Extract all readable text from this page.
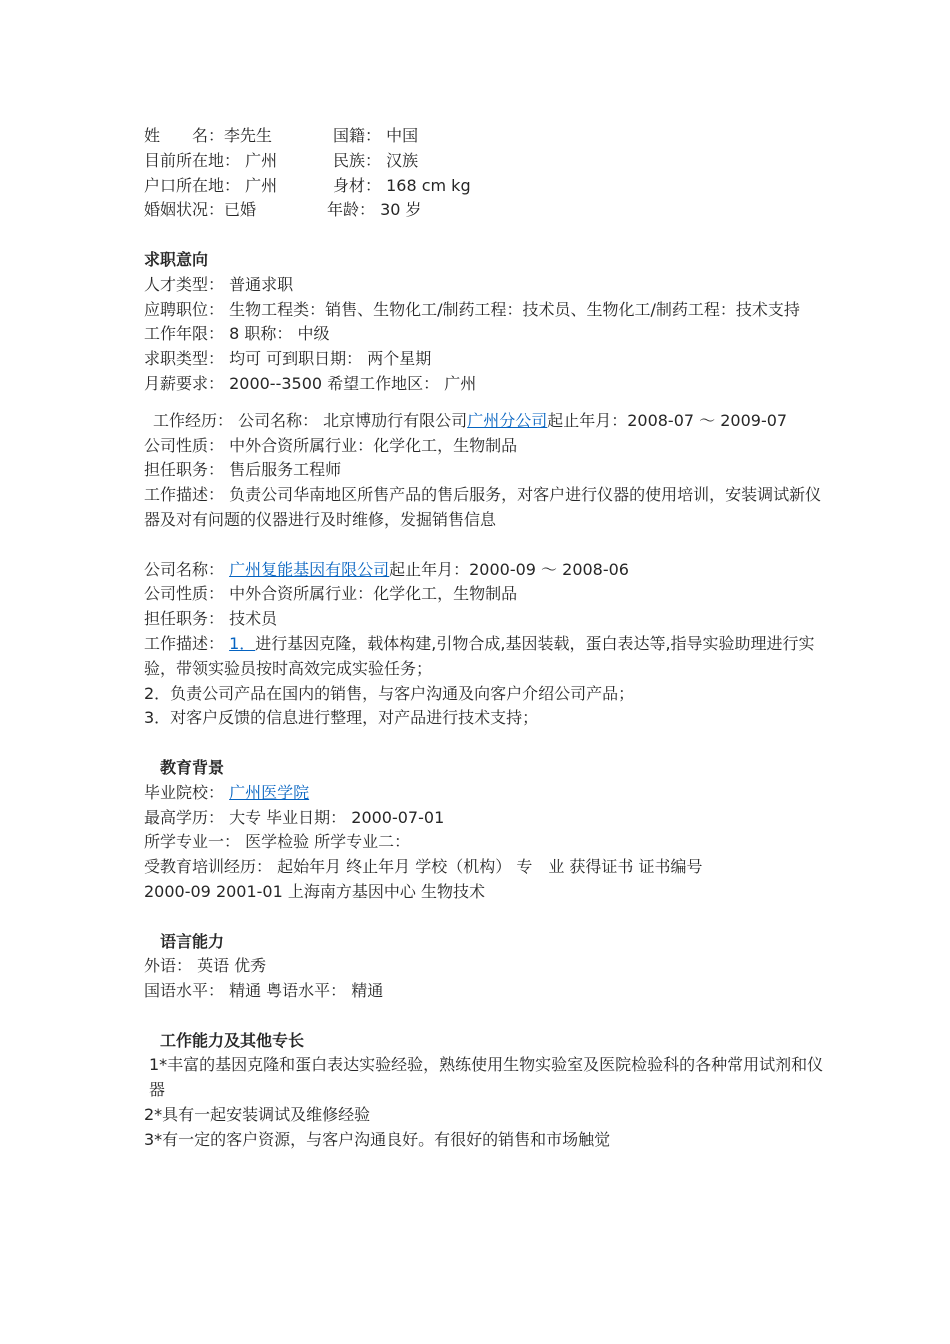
姓　　名：李先生	国籍： 中国
目前所在地： 广州	民族： 汉族
户口所在地： 广州	身材： 168 cm kg
婚姻状况：已婚	年龄： 30 岁
求职意向
人才类型： 普通求职
应聘职位： 生物工程类：销售、生物化工/制药工程：技术员、生物化工/制药工程：技术支持
工作年限： 8 职称： 中级
求职类型： 均可 可到职日期： 两个星期
月薪要求： 2000--3500 希望工作地区： 广州
工作经历： 公司名称： 北京博劢行有限公司广州分公司起止年月：2008-07 ～ 2009-07
公司性质： 中外合资所属行业：化学化工，生物制品
担任职务： 售后服务工程师
工作描述： 负责公司华南地区所售产品的售后服务，对客户进行仪器的使用培训，安装调试新仪器及对有问题的仪器进行及时维修，发掘销售信息
公司名称： 广州复能基因有限公司起止年月：2000-09 ～ 2008-06
公司性质： 中外合资所属行业：化学化工，生物制品
担任职务： 技术员
工作描述： 1．进行基因克隆，载体构建,引物合成,基因装载，蛋白表达等,指导实验助理进行实验，带领实验员按时高效完成实验任务；
2．负责公司产品在国内的销售，与客户沟通及向客户介绍公司产品；
3．对客户反馈的信息进行整理，对产品进行技术支持；
教育背景
毕业院校： 广州医学院
最高学历： 大专 毕业日期： 2000-07-01
所学专业一： 医学检验 所学专业二：
受教育培训经历： 起始年月 终止年月 学校（机构） 专　业 获得证书 证书编号
2000-09 2001-01 上海南方基因中心 生物技术
语言能力
外语： 英语 优秀
国语水平： 精通 粤语水平： 精通
工作能力及其他专长
1*丰富的基因克隆和蛋白表达实验经验，熟练使用生物实验室及医院检验科的各种常用试剂和仪器
2*具有一起安装调试及维修经验
3*有一定的客户资源，与客户沟通良好。有很好的销售和市场触觉
